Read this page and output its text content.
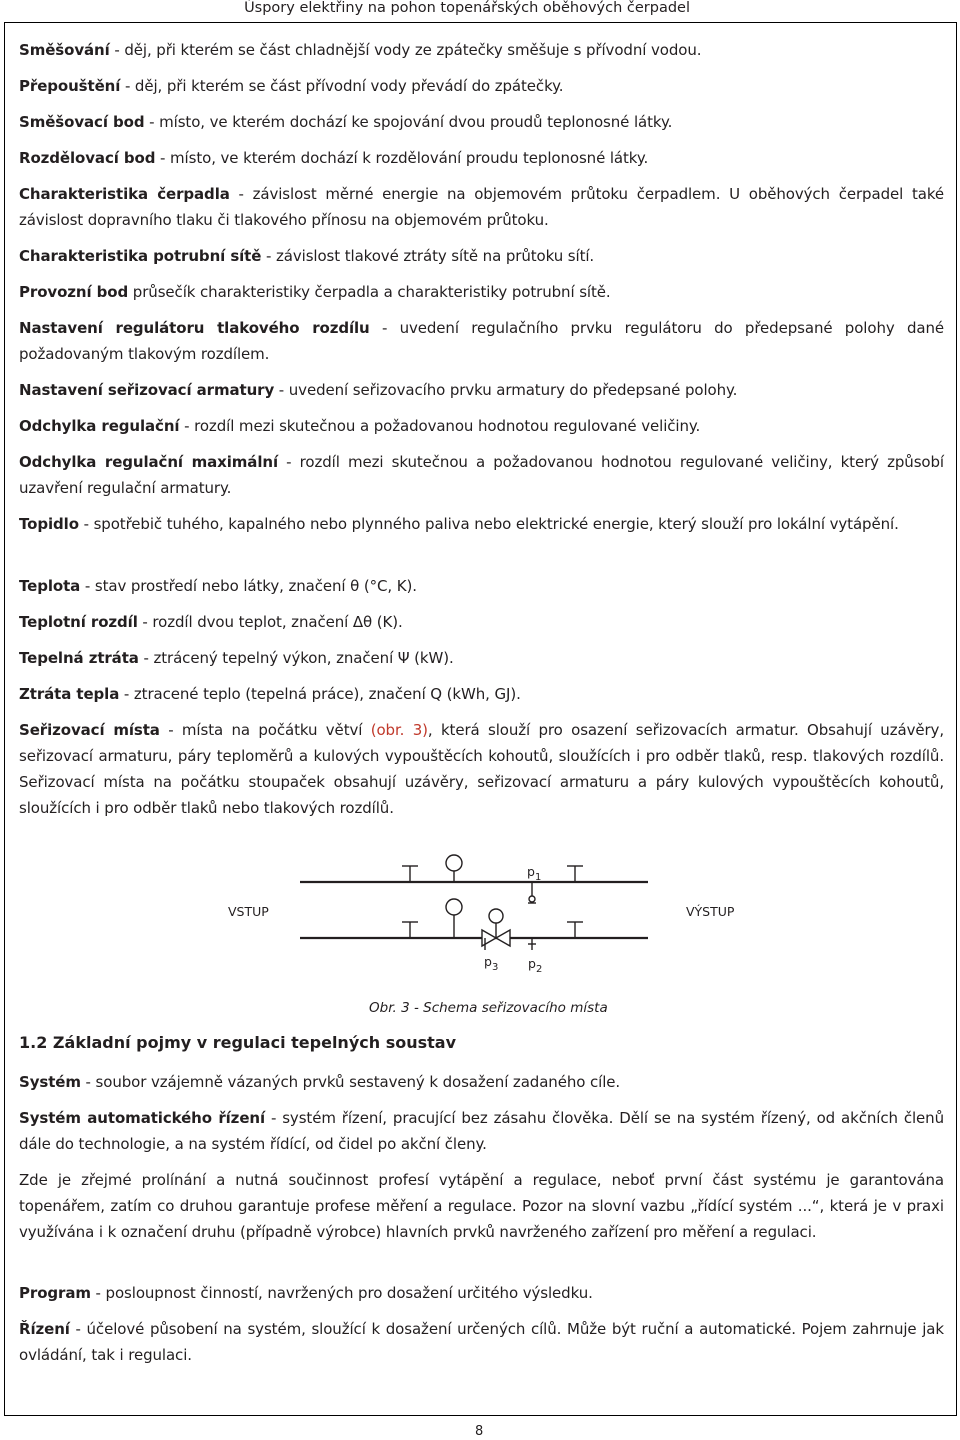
Úspory elektřiny na pohon topenářských oběhových čerpadel
Směšování - děj, při kterém se část chladnější vody ze zpátečky směšuje s přívodní vodou.
Přepouštění - děj, při kterém se část přívodní vody převádí do zpátečky.
Směšovací bod - místo, ve kterém dochází ke spojování dvou proudů teplonosné látky.
Rozdělovací bod - místo, ve kterém dochází k rozdělování proudu teplonosné látky.
Charakteristika čerpadla - závislost měrné energie na objemovém průtoku čerpadlem. U oběhových čerpadel také závislost dopravního tlaku či tlakového přínosu na objemovém průtoku.
Charakteristika potrubní sítě - závislost tlakové ztráty sítě na průtoku sítí.
Provozní bod průsečík charakteristiky čerpadla a charakteristiky potrubní sítě.
Nastavení regulátoru tlakového rozdílu - uvedení regulačního prvku regulátoru do předepsané polohy dané požadovaným tlakovým rozdílem.
Nastavení seřizovací armatury - uvedení seřizovacího prvku armatury do předepsané polohy.
Odchylka regulační - rozdíl mezi skutečnou a požadovanou hodnotou regulované veličiny.
Odchylka regulační maximální - rozdíl mezi skutečnou a požadovanou hodnotou regulované veličiny, který způsobí uzavření regulační armatury.
Topidlo - spotřebič tuhého, kapalného nebo plynného paliva nebo elektrické energie, který slouží pro lokální vytápění.
Teplota - stav prostředí nebo látky, značení θ (°C, K).
Teplotní rozdíl - rozdíl dvou teplot, značení Δθ (K).
Tepelná ztráta - ztrácený tepelný výkon, značení Ψ (kW).
Ztráta tepla - ztracené teplo (tepelná práce), značení Q (kWh, GJ).
Seřizovací místa - místa na počátku větví (obr. 3), která slouží pro osazení seřizovacích armatur. Obsahují uzávěry, seřizovací armaturu, páry teploměrů a kulových vypouštěcích kohoutů, sloužících i pro odběr tlaků, resp. tlakových rozdílů. Seřizovací místa na počátku stoupaček obsahují uzávěry, seřizovací armaturu a páry kulových vypouštěcích kohoutů, sloužících i pro odběr tlaků nebo tlakových rozdílů.
VSTUP	VÝSTUP
$p_1$
$p_2$
$p_3$
Obr. 3 - Schema seřizovacího místa
1.2 Základní pojmy v regulaci tepelných soustav
Systém - soubor vzájemně vázaných prvků sestavený k dosažení zadaného cíle.
Systém automatického řízení - systém řízení, pracující bez zásahu člověka. Dělí se na systém řízený, od akčních členů dále do technologie, a na systém řídící, od čidel po akční členy.
Zde je zřejmé prolínání a nutná součinnost profesí vytápění a regulace, neboť první část systému je garantována topenářem, zatím co druhou garantuje profese měření a regulace. Pozor na slovní vazbu „řídící systém ...“, která je v praxi využívána i k označení druhu (případně výrobce) hlavních prvků navrženého zařízení pro měření a regulaci.
Program - posloupnost činností, navržených pro dosažení určitého výsledku.
Řízení - účelové působení na systém, sloužící k dosažení určených cílů. Může být ruční a automatické. Pojem zahrnuje jak ovládání, tak i regulaci.
8
